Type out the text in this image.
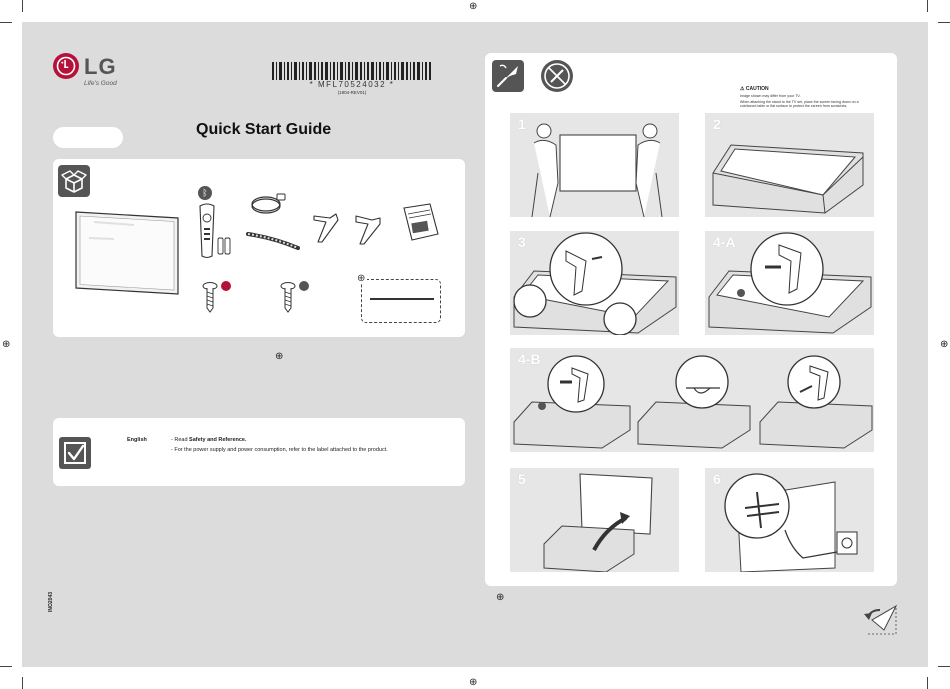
⊕
⊕
⊕	⊕
LG
Life's Good	* MFL70524032 *
(1904-REV01)
Quick Start Guide
ᛒ
⊕
⊕
English	- Read Safety and Reference.
- For the power supply and power consumption, refer to the label attached to the product.
INO2043
⚠ CAUTION
Image shown may differ from your TV.
When attaching the stand to the TV set, place the screen facing down on a
cushioned table or flat surface to protect the screen from scratches.
1	2
3	4-A
4-B
5	6
⊕
